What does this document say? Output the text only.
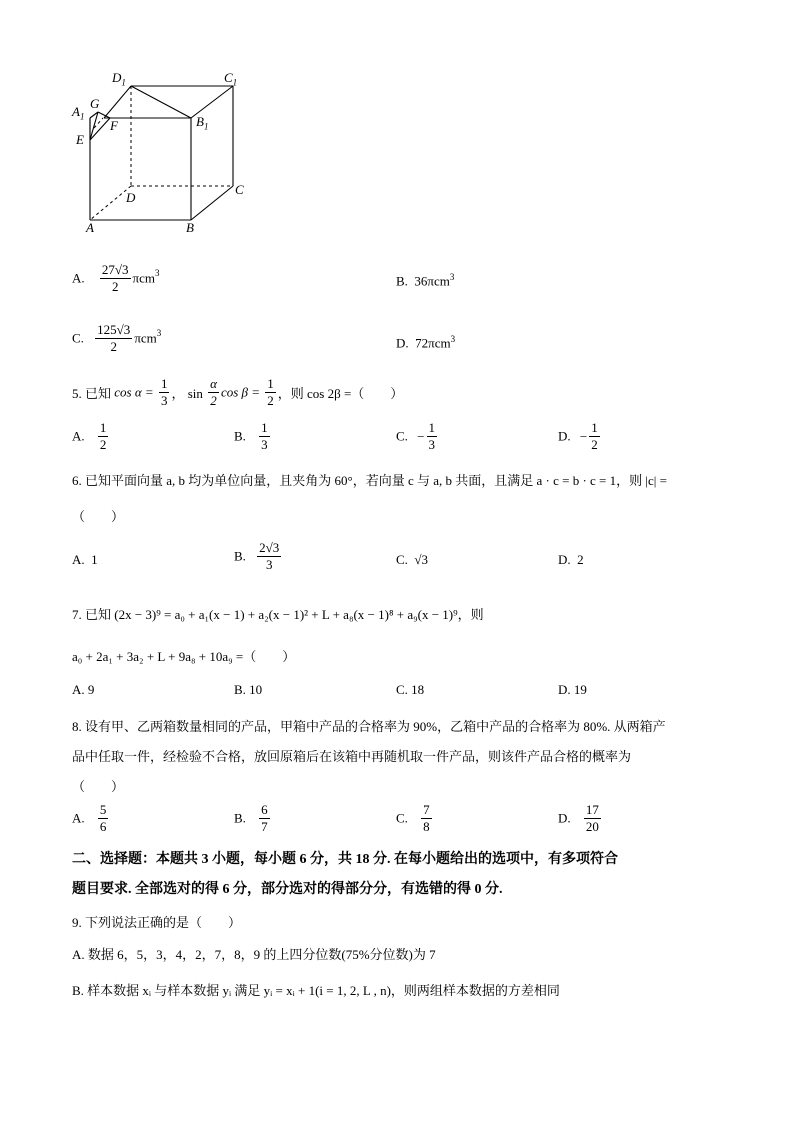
$D_1$	$C_1$
$A_1$
G
F	$B_1$
E
D
C
A	B
A. $\frac{27√3}{2} \pi cm^3$
B. 36πcm$^3$
C. $\frac{125√3}{2} \pi cm^3$
D. 72πcm$^3$
5. 已知 $\cos \alpha = \frac{1}{3}$ ， $\sin \frac{\alpha}{2}$ $\cos \beta = \frac{1}{2}$ ，则 cos 2β =（　　）
A. $\frac{1}{2}$	B. $\frac{1}{3}$	C. − $\frac{1}{3}$	D. − $\frac{1}{2}$
6. 已知平面向量 a, b 均为单位向量，且夹角为 60°，若向量 c 与 a, b 共面，且满足 a · c = b · c = 1，则 |c| =
（　　）
A. 1	B. $\frac{2√3}{3}$	C. √3	D. 2
7. 已知 (2x − 3)⁹ = a₀ + a₁(x − 1) + a₂(x − 1)² + L + a₈(x − 1)⁸ + a₉(x − 1)⁹，则
a₀ + 2a₁ + 3a₂ + L + 9a₈ + 10a₉ =（　　）
A. 9	B. 10	C. 18	D. 19
8. 设有甲、乙两箱数量相同的产品，甲箱中产品的合格率为 90%，乙箱中产品的合格率为 80%. 从两箱产
品中任取一件，经检验不合格，放回原箱后在该箱中再随机取一件产品，则该件产品合格的概率为
（　　）
A. $\frac{5}{6}$	B. $\frac{6}{7}$	C. $\frac{7}{8}$	D. $\frac{17}{20}$
二、选择题：本题共 3 小题，每小题 6 分，共 18 分. 在每小题给出的选项中，有多项符合
题目要求. 全部选对的得 6 分，部分选对的得部分分，有选错的得 0 分.
9. 下列说法正确的是（　　）
A. 数据 6，5，3，4，2，7，8，9 的上四分位数(75%分位数)为 7
B. 样本数据 xᵢ 与样本数据 yᵢ 满足 yᵢ = xᵢ + 1(i = 1, 2, L , n)，则两组样本数据的方差相同
